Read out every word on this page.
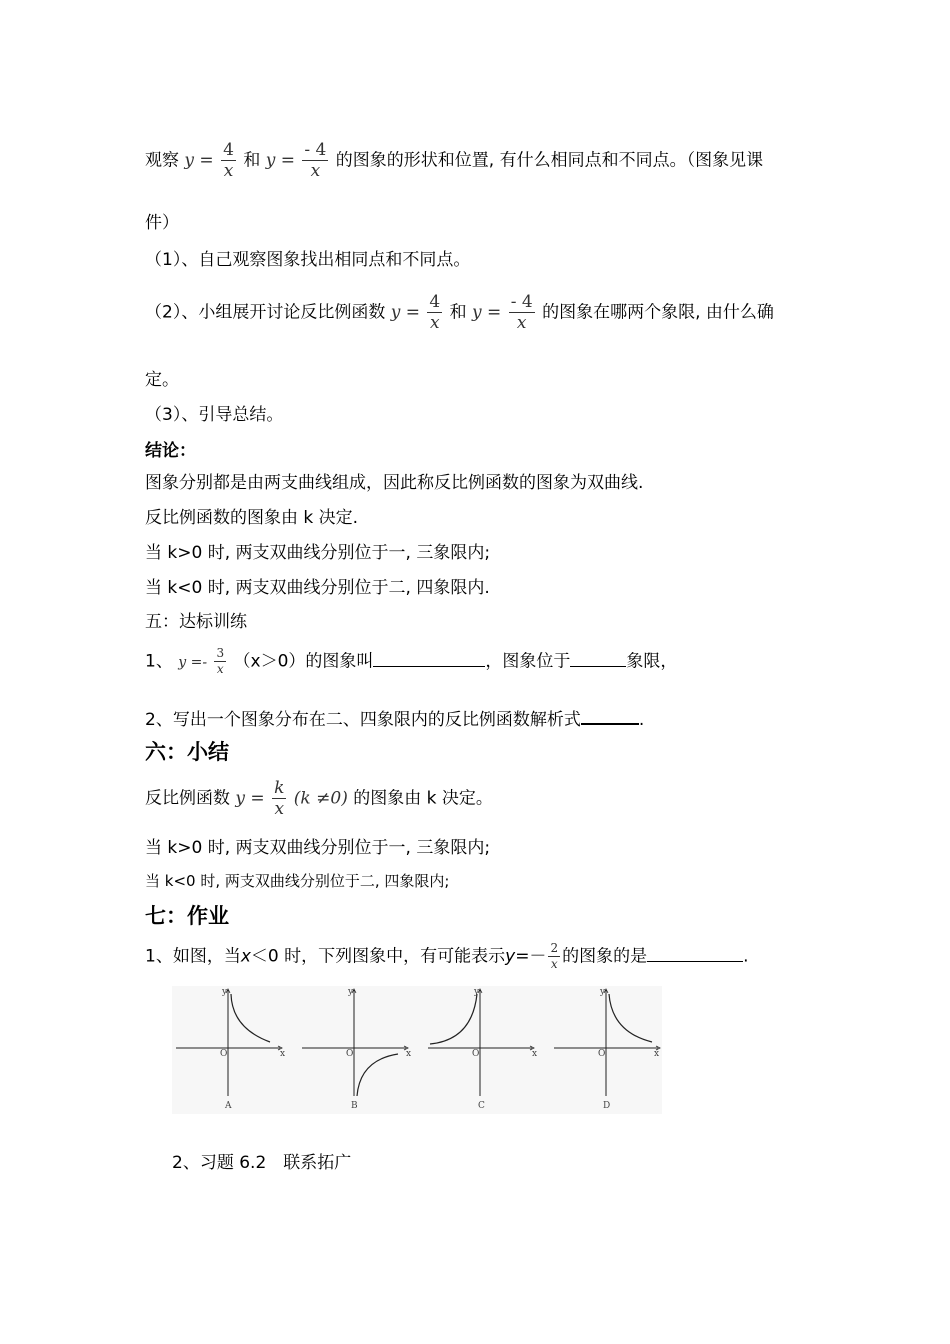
观察 $y = \frac{4}{x}$ 和 $y = \frac{- 4}{x}$ 的图象的形状和位置, 有什么相同点和不同点。（图象见课
件）
（1）、自己观察图象找出相同点和不同点。
（2）、小组展开讨论反比例函数 $y = \frac{4}{x}$ 和 $y = \frac{- 4}{x}$ 的图象在哪两个象限, 由什么确
定。
（3）、引导总结。
结论：
图象分别都是由两支曲线组成，因此称反比例函数的图象为双曲线.
反比例函数的图象由 k 决定.
当 k>0 时, 两支双曲线分别位于一, 三象限内;
当 k<0 时, 两支双曲线分别位于二, 四象限内.
五：达标训练
1、 $y =- \frac{3}{x} (x>0)$的图象叫	，图象位于	象限，
2、写出一个图象分布在二、四象限内的反比例函数解析式	.
六：小结
反比例函数 $y = \frac{k}{x} (k \ne 0)$ 的图象由 k 决定。
当 k>0 时, 两支双曲线分别位于一, 三象限内;
当 k<0 时, 两支双曲线分别位于二, 四象限内;
七：作业
1、如图，当x＜0 时，下列图象中，有可能表示$y=- \frac{2}{x}$ 的图象的是	.
y
x
O
A
y
x
O
B
y
x
O
C
y
x
O
D
2、习题 6.2　联系拓广
